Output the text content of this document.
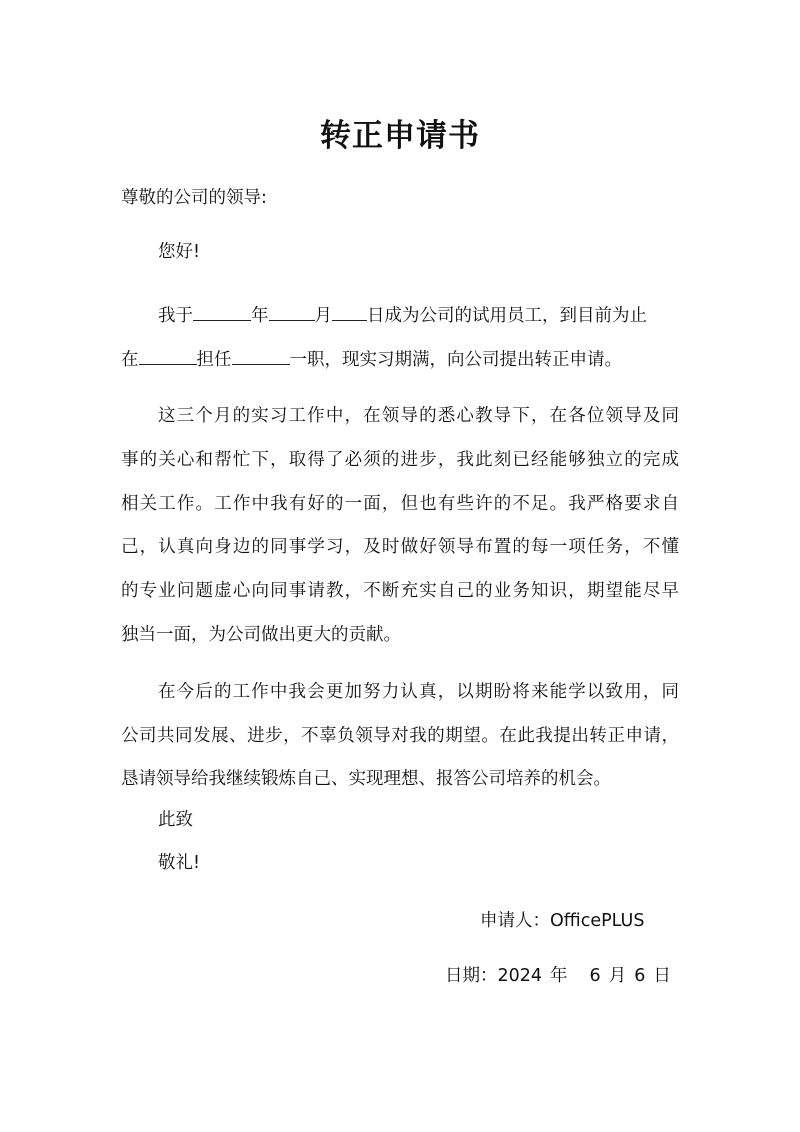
转正申请书
尊敬的公司的领导:
您好!
我于	年	月 日成为公司的试用员工，到目前为止
在	担任	一职，现实习期满，向公司提出转正申请。
这三个月的实习工作中，在领导的悉心教导下，在各位领导及同
事的关心和帮忙下，取得了必须的进步，我此刻已经能够独立的完成
相关工作。工作中我有好的一面，但也有些许的不足。我严格要求自
己，认真向身边的同事学习，及时做好领导布置的每一项任务，不懂
的专业问题虚心向同事请教，不断充实自己的业务知识，期望能尽早
独当一面，为公司做出更大的贡献。
在今后的工作中我会更加努力认真，以期盼将来能学以致用，同
公司共同发展、进步，不辜负领导对我的期望。在此我提出转正申请，
恳请领导给我继续锻炼自己、实现理想、报答公司培养的机会。
此致
敬礼!
申请人：OfficePLUS
日期：2024 年 6 月 6 日
